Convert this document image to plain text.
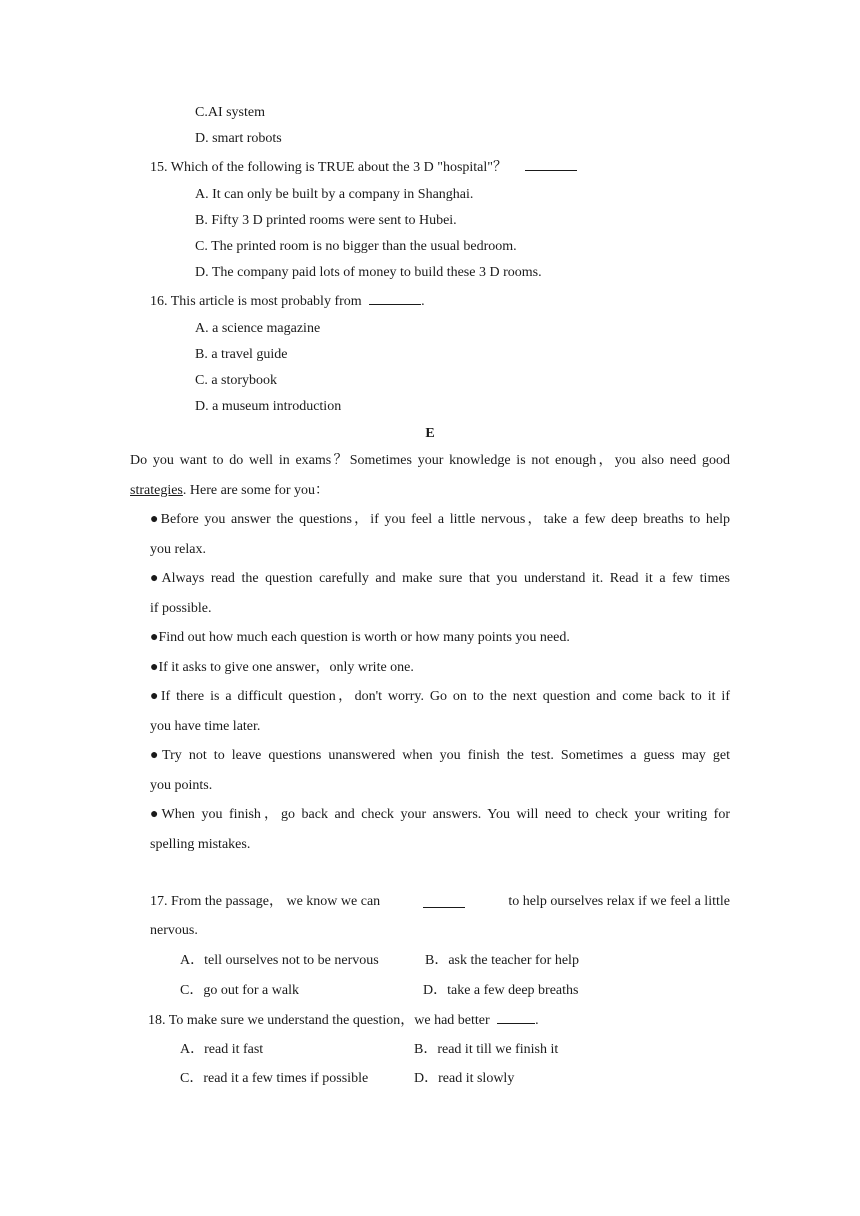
C.AI system
D. smart robots
15. Which of the following is TRUE about the 3 D "hospital"？
A. It can only be built by a company in Shanghai.
B. Fifty 3 D printed rooms were sent to Hubei.
C. The printed room is no bigger than the usual bedroom.
D. The company paid lots of money to build these 3 D rooms.
16. This article is most probably from	.
A. a science magazine
B. a travel guide
C. a storybook
D. a museum introduction
E
Do you want to do well in exams？Sometimes your knowledge is not enough，you also need good
strategies. Here are some for you：
●Before you answer the questions，if you feel a little nervous，take a few deep breaths to help
you relax.
●Always read the question carefully and make sure that you understand it. Read it a few times
if possible.
●Find out how much each question is worth or how many points you need.
●If it asks to give one answer，only write one.
●If there is a difficult question，don't worry. Go on to the next question and come back to it if
you have time later.
●Try not to leave questions unanswered when you finish the test. Sometimes a guess may get
you points.
●When you finish，go back and check your answers. You will need to check your writing for
spelling mistakes.
17. From the passage， we know we can	to help ourselves relax if we feel a little
nervous.
A．tell ourselves not to be nervous	B．ask the teacher for help
C．go out for a walk	D．take a few deep breaths
18. To make sure we understand the question，we had better	.
A．read it fast	B．read it till we finish it
C．read it a few times if possible	D．read it slowly
